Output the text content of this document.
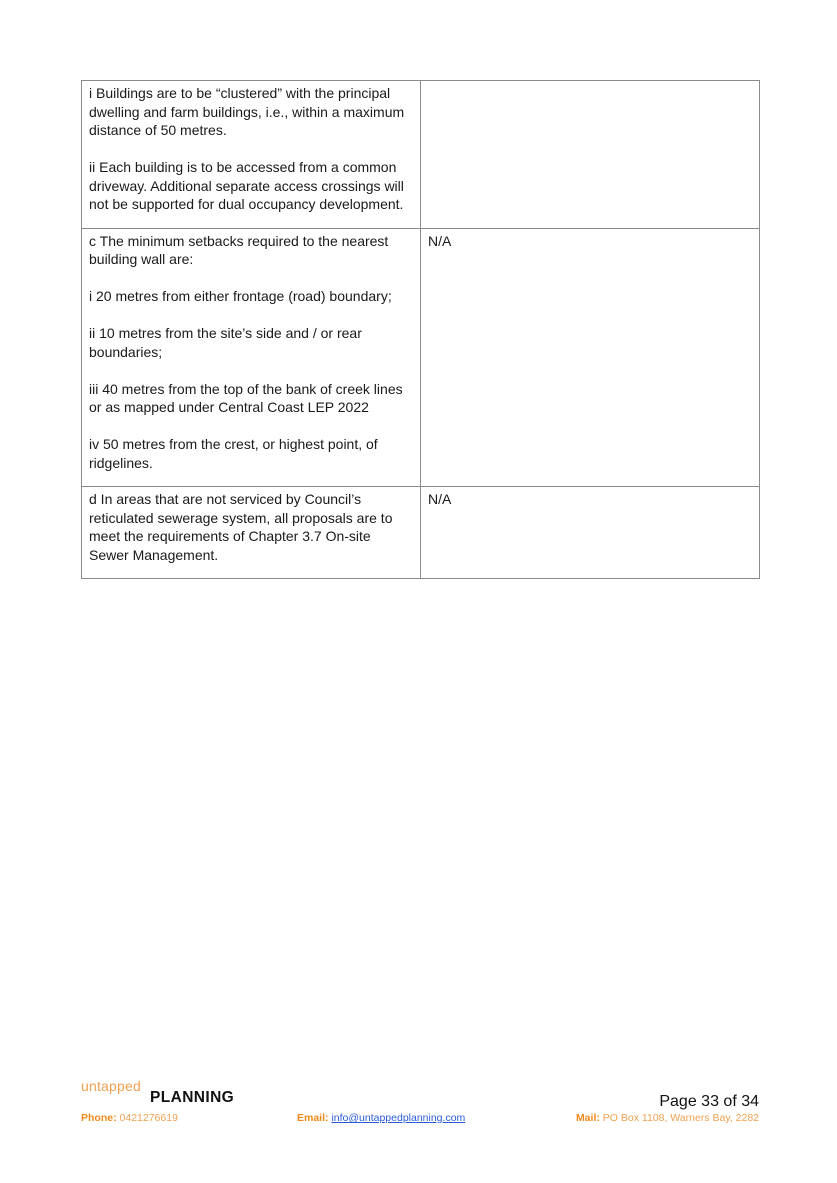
i Buildings are to be “clustered” with the principal dwelling and farm buildings, i.e., within a maximum distance of 50 metres.

ii Each building is to be accessed from a common driveway. Additional separate access crossings will not be supported for dual occupancy development.	

c The minimum setbacks required to the nearest building wall are:

i 20 metres from either frontage (road) boundary;

ii 10 metres from the site’s side and / or rear boundaries;

iii 40 metres from the top of the bank of creek lines or as mapped under Central Coast LEP 2022

iv 50 metres from the crest, or highest point, of ridgelines.	N/A

d In areas that are not serviced by Council’s reticulated sewerage system, all proposals are to meet the requirements of Chapter 3.7 On-site Sewer Management.	N/A
untapped
PLANNING	Page 33 of 34
Phone: 0421276619	Email: info@untappedplanning.com	Mail: PO Box 1108, Warners Bay, 2282
